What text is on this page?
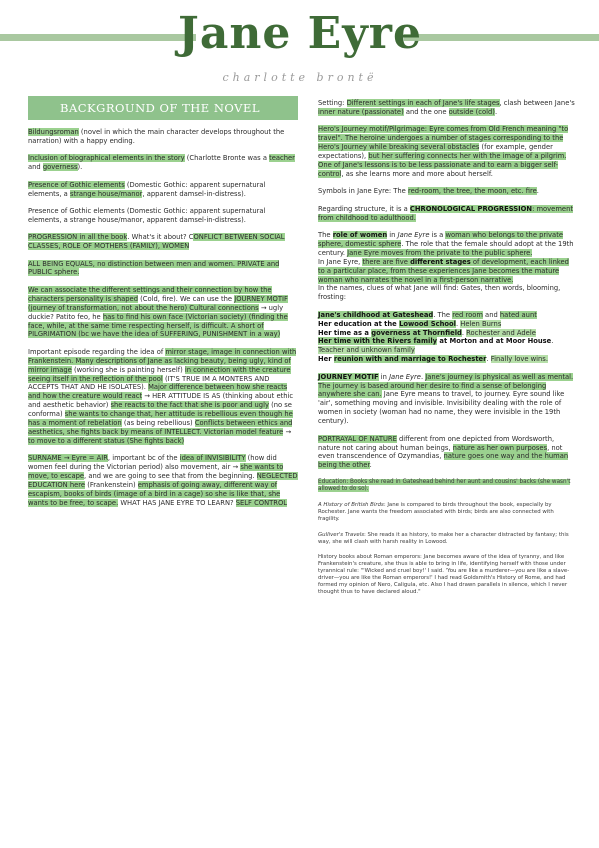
Jane Eyre
charlotte brontë
BACKGROUND OF THE NOVEL
Bildungsroman (novel in which the main character develops throughout the narration) with a happy ending.
Inclusion of biographical elements in the story (Charlotte Bronte was a teacher and governess).
Presence of Gothic elements (Domestic Gothic: apparent supernatural elements, a strange house/manor, apparent damsel-in-distress).
Presence of Gothic elements (Domestic Gothic: apparent supernatural elements, a strange house/manor, apparent damsel-in-distress).
PROGRESSION in all the book. What's it about? CONFLICT BETWEEN SOCIAL CLASSES, ROLE OF MOTHERS (FAMILY), WOMEN
ALL BEING EQUALS, no distinction between men and women. PRIVATE and PUBLIC sphere.
We can associate the different settings and their connection by how the characters personality is shaped (Cold, fire). We can use the JOURNEY MOTIF (journey of transformation, not about the hero) Cultural connections → ugly duckie? Patito feo, he has to find his own face (Victorian society) (finding the face, while, at the same time respecting herself, is difficult. A short of PILGRIMATION (bc we have the idea of SUFFERING, PUNISHMENT in a way)
Important episode regarding the idea of mirror stage, image in connection with Frankenstein. Many descriptions of Jane as lacking beauty, being ugly, kind of mirror image (working she is painting herself) in connection with the creature seeing itself in the reflection of the pool (IT'S TRUE IM A MONTERS AND ACCEPTS THAT AND HE ISOLATES). Major difference between how she reacts and how the creature would react → HER ATTITUDE IS AS (thinking about ethic and aesthetic behavior) she reacts to the fact that she is poor and ugly (no se conforma) she wants to change that, her attitude is rebellious even though he has a moment of rebelation (as being rebellious) Conflicts between ethics and aesthetics, she fights back by means of INTELLECT. Victorian model feature → to move to a different status (She fights back)
SURNAME → Eyre = AIR, important bc of the idea of INVISIBILITY (how did women feel during the Victorian period) also movement, air → she wants to move, to escape, and we are going to see that from the beginning. NEGLECTED EDUCATION here (Frankenstein) emphasis of going away, different way of escapism, books of birds (image of a bird in a cage) so she is like that, she wants to be free, to scape. WHAT HAS JANE EYRE TO LEARN? SELF CONTROL
Setting: Different settings in each of Jane's life stages, clash between Jane's inner nature (passionate) and the one outside (cold).
Hero's Journey motif/Pilgrimage: Eyre comes from Old French meaning "to travel". The heroine undergoes a number of stages corresponding to the Hero's Journey while breaking several obstacles (for example, gender expectations), but her suffering connects her with the image of a pilgrim. One of Jane's lessons is to be less passionate and to earn a bigger self-control, as she learns more and more about herself.
Symbols in Jane Eyre: The red-room, the tree, the moon, etc. fire.
Regarding structure, it is a CHRONOLOGICAL PROGRESSION: movement from childhood to adulthood.
The role of women in Jane Eyre is a woman who belongs to the private sphere, domestic sphere. The role that the female should adopt at the 19th century. Jane Eyre moves from the private to the public sphere.
In Jane Eyre, there are five different stages of development, each linked to a particular place, from these experiences Jane becomes the mature woman who narrates the novel in a first-person narrative.
In the names, clues of what Jane will find: Gates, then words, blooming, frosting:
Jane's childhood at Gateshead. The red room and hated aunt
Her education at the Lowood School. Helen Burns
Her time as a governess at Thornfield. Rochester and Adele
Her time with the Rivers family at Morton and at Moor House. Teacher and unknown family
Her reunion with and marriage to Rochester. Finally love wins.
JOURNEY MOTIF in Jane Eyre. Jane's journey is physical as well as mental. The journey is based around her desire to find a sense of belonging anywhere she can. Jane Eyre means to travel, to journey. Eyre sound like 'air', something moving and invisible. Invisibility dealing with the role of women in society (woman had no name, they were invisible in the 19th century).
PORTRAYAL OF NATURE different from one depicted from Wordsworth, nature not caring about human beings, nature as her own purposes, not even transcendence of Ozymandias, nature goes one way and the human being the other.
Education: Books she read in Gateshead behind her aunt and cousins' backs (she wasn't allowed to do so).
A History of British Birds: Jane is compared to birds throughout the book, especially by Rochester. Jane wants the freedom associated with birds; birds are also connected with fragility.
Gulliver's Travels: She reads it as history, to make her a character distracted by fantasy; this way, she will clash with harsh reality in Lowood.
History books about Roman emperors: Jane becomes aware of the idea of tyranny, and like Frankenstein's creature, she thus is able to bring in life, identifying herself with those under tyrannical rule: "'Wicked and cruel boy!' I said. 'You are like a murderer—you are like a slave-driver—you are like the Roman emperors!' I had read Goldsmith's History of Rome, and had formed my opinion of Nero, Caligula, etc. Also I had drawn parallels in silence, which I never thought thus to have declared aloud."
